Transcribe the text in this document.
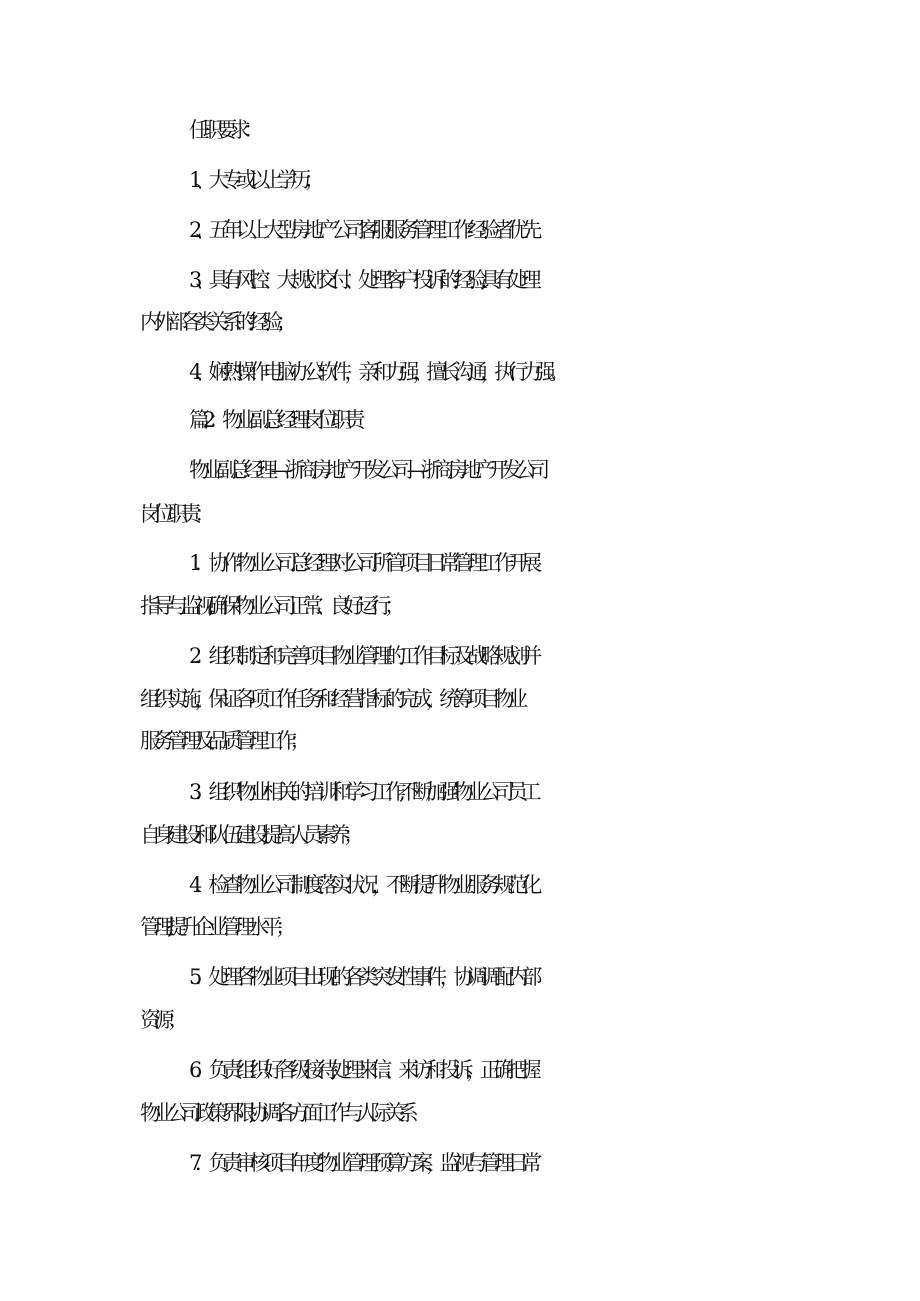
任职要求：

1、大专或以上学历；

2、五年以上大型房地产公司客服服务管理工作经验者优先

3、具有风控、大规划交付、处理客户投诉的经验,具有处理

内外部各类关系的经验；

4、娴熟操作电脑办公软件，亲和力强，擅长沟通，执行力强。

篇2：物业副总经理岗位职责

物业副总经理—浙商房地产开发公司—浙商房地产开发公司

岗位职责：

1．协作物业公司总经理对公司所管项目日常管理工作开展

指导与监视,确保物业公司正常、良好运行；

2．组织制定和完善项目物业管理的工作目标及战略规划并

组织实施，保证各项工作任务和经营指标的完成，统筹项目物业

服务管理及品质管理工作；

3．组织物业相关的培训和学习工作,不断加强物业公司员工

自身建设和队伍建设,提高人员素养；

4．检查物业公司制度落实状况，不断提升物业服务规范化

管理,提升企业管理水平；

5．处理各物业项目出现的各类突发性事件，协调调配内部

资源；

6．负责组织好各级接待,处理来信、来访和投诉，正确把握

物业公司政策界限,协调各方面工作与人际关系

7．负责审核项目年度物业管理预算方案，监视与管理日常
